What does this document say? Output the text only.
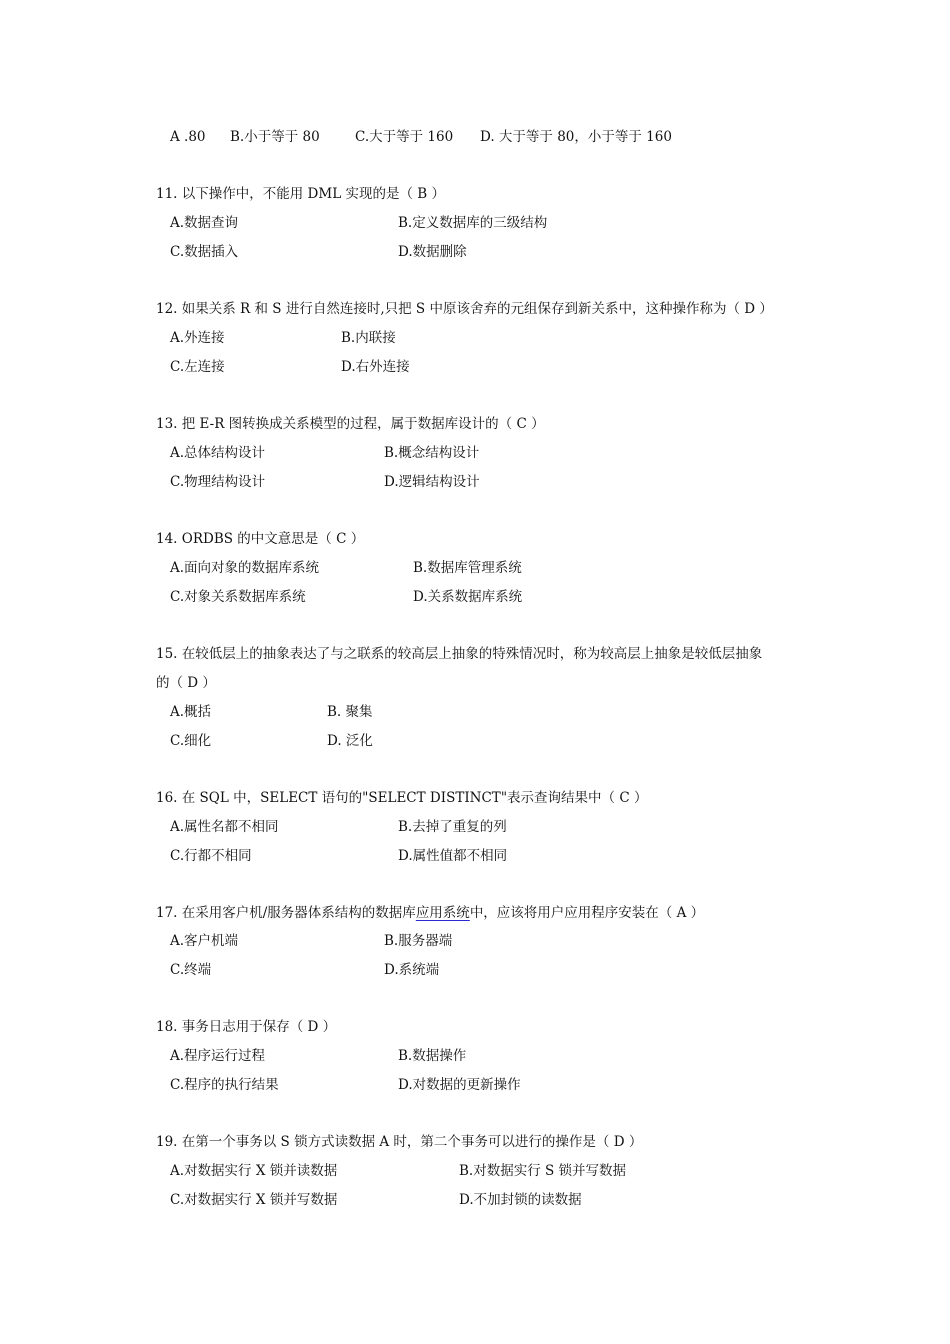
A .80 B.小于等于 80	C.大于等于 160 D. 大于等于 80，小于等于 160
11. 以下操作中，不能用 DML 实现的是（ B ）
A.数据查询	B.定义数据库的三级结构
C.数据插入	D.数据删除
12. 如果关系 R 和 S 进行自然连接时,只把 S 中原该舍弃的元组保存到新关系中，这种操作称为（ D ）
A.外连接	B.内联接
C.左连接	D.右外连接
13. 把 E-R 图转换成关系模型的过程，属于数据库设计的（ C ）
A.总体结构设计	B.概念结构设计
C.物理结构设计	D.逻辑结构设计
14. ORDBS 的中文意思是（ C ）
A.面向对象的数据库系统	B.数据库管理系统
C.对象关系数据库系统	D.关系数据库系统
15. 在较低层上的抽象表达了与之联系的较高层上抽象的特殊情况时，称为较高层上抽象是较低层抽象
的（ D ）
A.概括	B. 聚集
C.细化	D. 泛化
16. 在 SQL 中，SELECT 语句的"SELECT DISTINCT"表示查询结果中（ C ）
A.属性名都不相同	B.去掉了重复的列
C.行都不相同	D.属性值都不相同
17. 在采用客户机/服务器体系结构的数据库应用系统中，应该将用户应用程序安装在（ A ）
A.客户机端	B.服务器端
C.终端	D.系统端
18. 事务日志用于保存（ D ）
A.程序运行过程	B.数据操作
C.程序的执行结果	D.对数据的更新操作
19. 在第一个事务以 S 锁方式读数据 A 时，第二个事务可以进行的操作是（ D ）
A.对数据实行 X 锁并读数据	B.对数据实行 S 锁并写数据
C.对数据实行 X 锁并写数据	D.不加封锁的读数据
